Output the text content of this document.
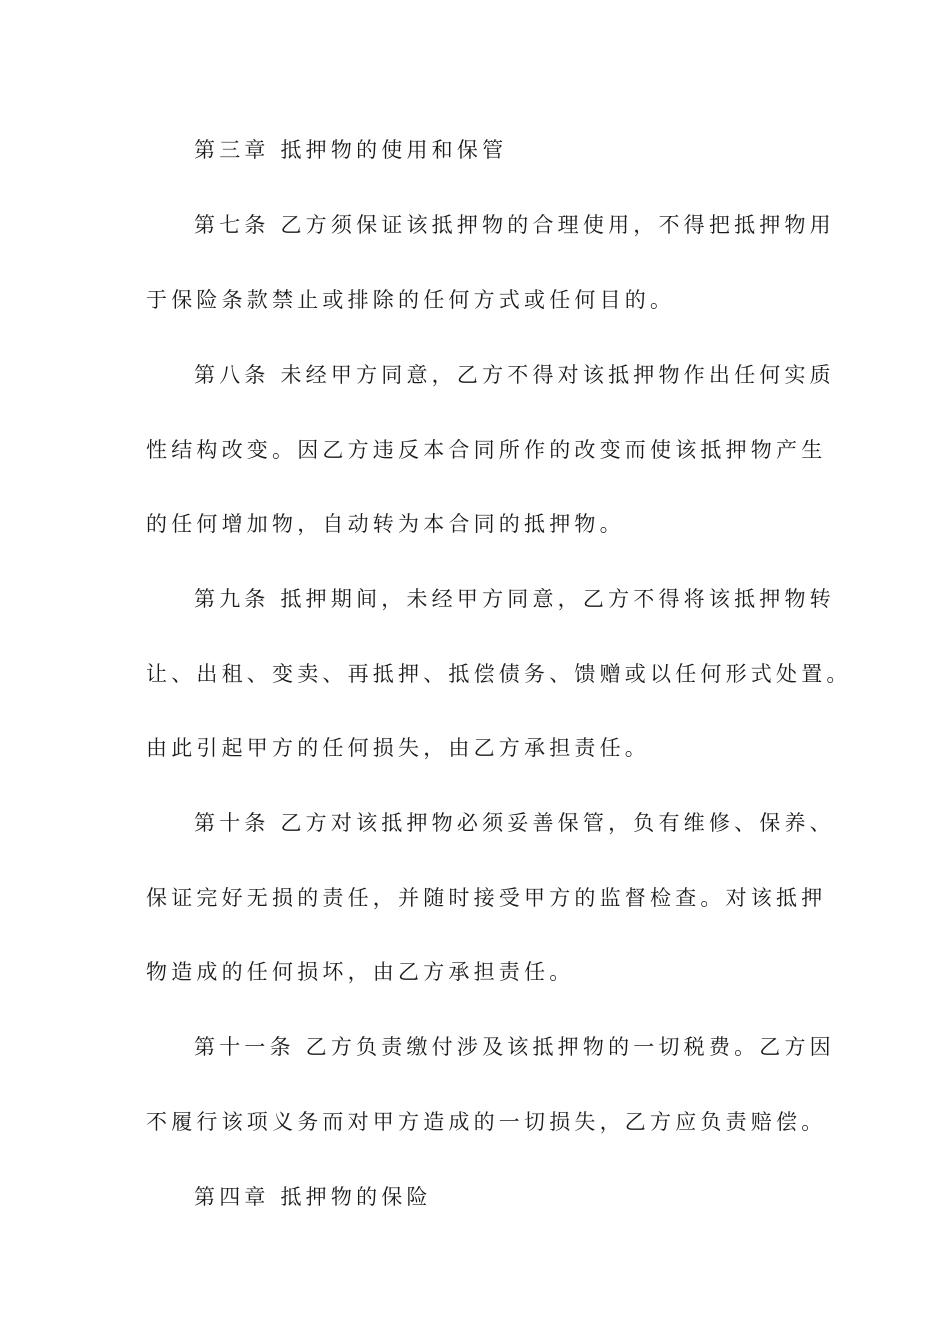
第三章 抵押物的使用和保管
第七条 乙方须保证该抵押物的合理使用，不得把抵押物用
于保险条款禁止或排除的任何方式或任何目的。
第八条 未经甲方同意，乙方不得对该抵押物作出任何实质
性结构改变。因乙方违反本合同所作的改变而使该抵押物产生
的任何增加物，自动转为本合同的抵押物。
第九条 抵押期间，未经甲方同意，乙方不得将该抵押物转
让、出租、变卖、再抵押、抵偿债务、馈赠或以任何形式处置。
由此引起甲方的任何损失，由乙方承担责任。
第十条 乙方对该抵押物必须妥善保管，负有维修、保养、
保证完好无损的责任，并随时接受甲方的监督检查。对该抵押
物造成的任何损坏，由乙方承担责任。
第十一条 乙方负责缴付涉及该抵押物的一切税费。乙方因
不履行该项义务而对甲方造成的一切损失，乙方应负责赔偿。
第四章 抵押物的保险
